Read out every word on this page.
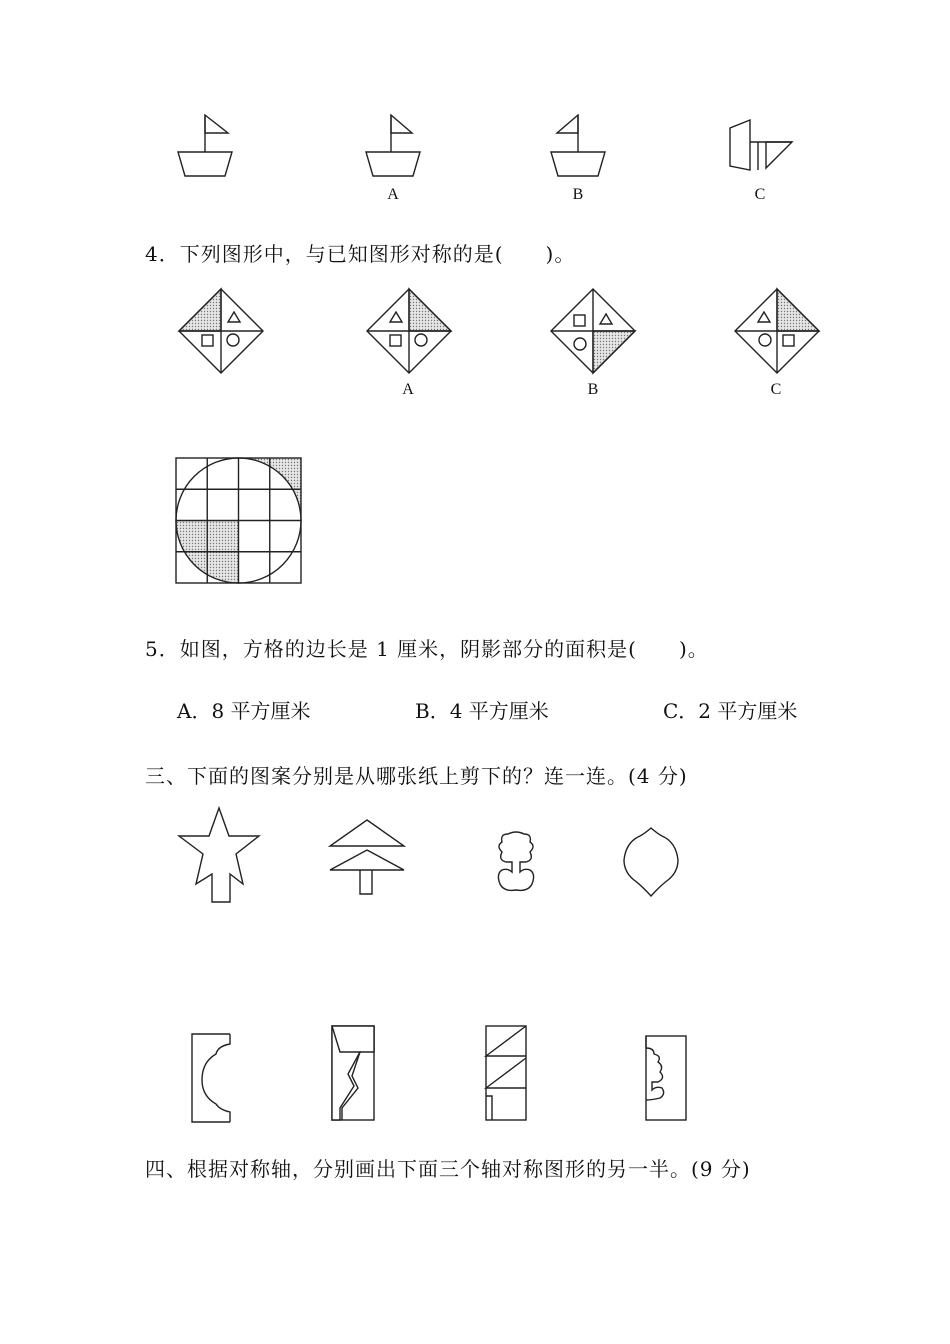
A	B	C
4．下列图形中，与已知图形对称的是(　　)。
A	B	C
5．如图，方格的边长是 1 厘米，阴影部分的面积是(　　)。
A．8 平方厘米	B．4 平方厘米	C．2 平方厘米
三、下面的图案分别是从哪张纸上剪下的？连一连。(4 分)
四、根据对称轴，分别画出下面三个轴对称图形的另一半。(9 分)
